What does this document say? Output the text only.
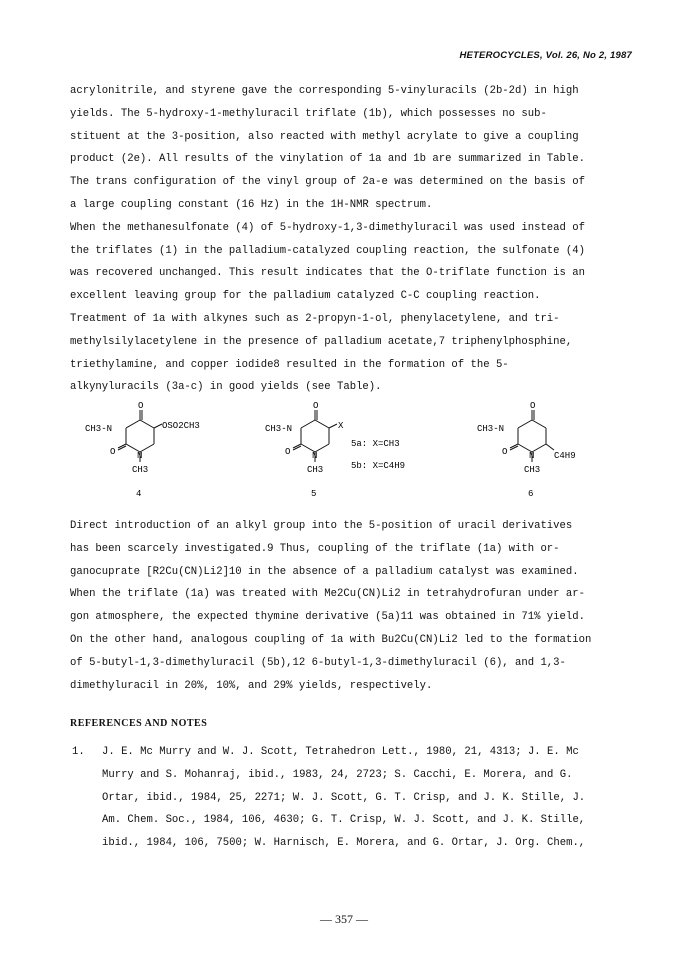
HETEROCYCLES, Vol. 26, No 2, 1987
acrylonitrile, and styrene gave the corresponding 5-vinyluracils (2b-2d) in high
yields. The 5-hydroxy-1-methyluracil triflate (1b), which possesses no sub-
stituent at the 3-position, also reacted with methyl acrylate to give a coupling
product (2e). All results of the vinylation of 1a and 1b are summarized in Table.
The trans configuration of the vinyl group of 2a-e was determined on the basis of
a large coupling constant (16 Hz) in the 1H-NMR spectrum.
When the methanesulfonate (4) of 5-hydroxy-1,3-dimethyluracil was used instead of
the triflates (1) in the palladium-catalyzed coupling reaction, the sulfonate (4)
was recovered unchanged. This result indicates that the O-triflate function is an
excellent leaving group for the palladium catalyzed C-C coupling reaction.
Treatment of 1a with alkynes such as 2-propyn-1-ol, phenylacetylene, and tri-
methylsilylacetylene in the presence of palladium acetate,7 triphenylphosphine,
triethylamine, and copper iodide8 resulted in the formation of the 5-
alkynyluracils (3a-c) in good yields (see Table).
O
CH3-N	OSO2CH3
O N
CH3
4
O
CH3-N	X
5a: X=CH3
5b: X=C4H9
O N
CH3
5
O
CH3-N
C4H9
O N
CH3
6
Direct introduction of an alkyl group into the 5-position of uracil derivatives
has been scarcely investigated.9 Thus, coupling of the triflate (1a) with or-
ganocuprate [R2Cu(CN)Li2]10 in the absence of a palladium catalyst was examined.
When the triflate (1a) was treated with Me2Cu(CN)Li2 in tetrahydrofuran under ar-
gon atmosphere, the expected thymine derivative (5a)11 was obtained in 71% yield.
On the other hand, analogous coupling of 1a with Bu2Cu(CN)Li2 led to the formation
of 5-butyl-1,3-dimethyluracil (5b),12 6-butyl-1,3-dimethyluracil (6), and 1,3-
dimethyluracil in 20%, 10%, and 29% yields, respectively.
REFERENCES AND NOTES
1. J. E. Mc Murry and W. J. Scott, Tetrahedron Lett., 1980, 21, 4313; J. E. Mc
Murry and S. Mohanraj, ibid., 1983, 24, 2723; S. Cacchi, E. Morera, and G.
Ortar, ibid., 1984, 25, 2271; W. J. Scott, G. T. Crisp, and J. K. Stille, J.
Am. Chem. Soc., 1984, 106, 4630; G. T. Crisp, W. J. Scott, and J. K. Stille,
ibid., 1984, 106, 7500; W. Harnisch, E. Morera, and G. Ortar, J. Org. Chem.,
— 357 —
